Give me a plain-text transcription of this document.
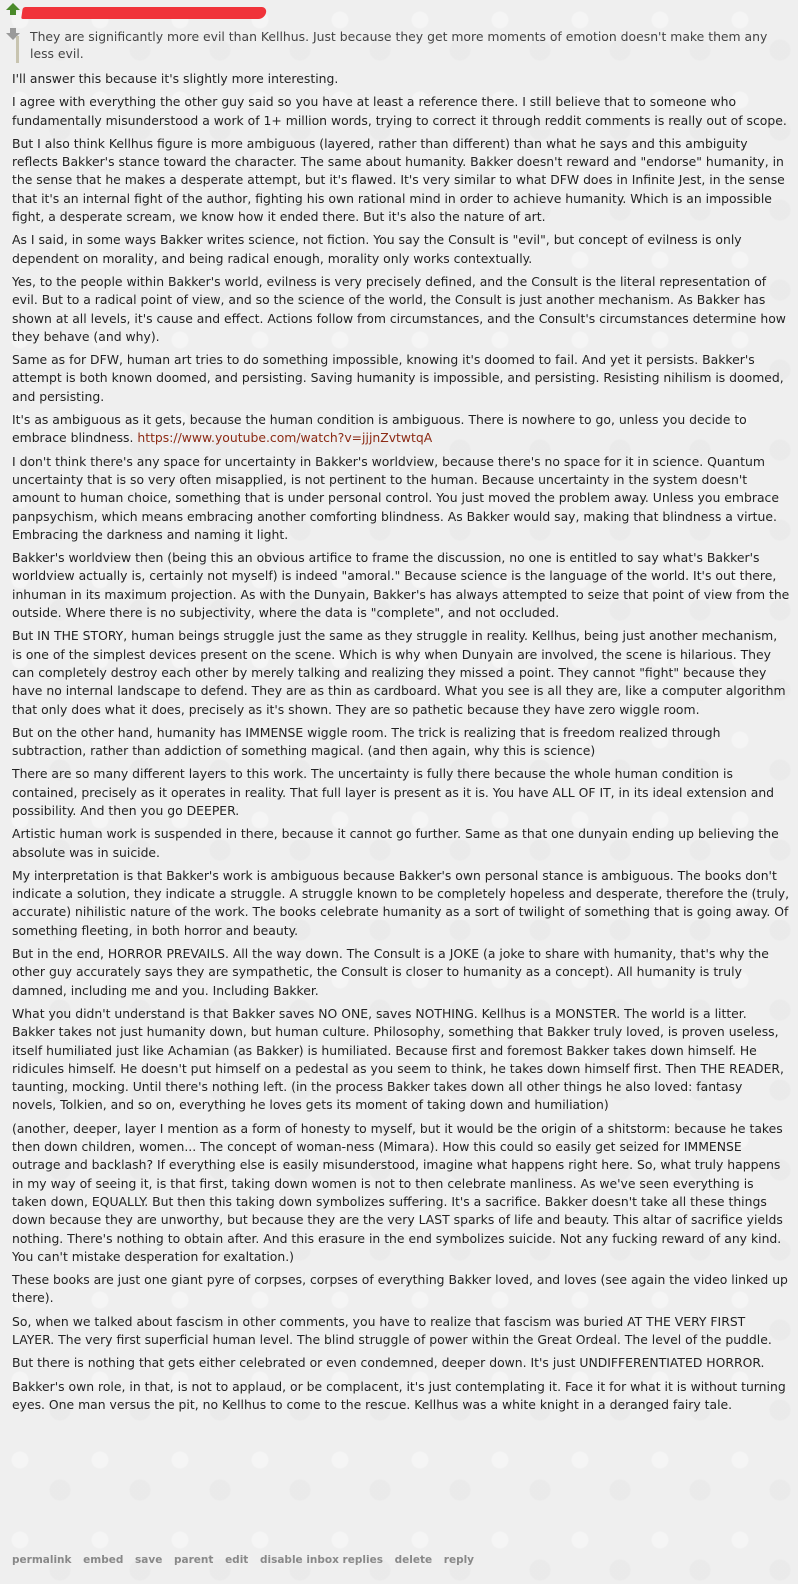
They are significantly more evil than Kellhus. Just because they get more moments of emotion doesn't make them any less evil.

I'll answer this because it's slightly more interesting.

I agree with everything the other guy said so you have at least a reference there. I still believe that to someone who fundamentally misunderstood a work of 1+ million words, trying to correct it through reddit comments is really out of scope.

But I also think Kellhus figure is more ambiguous (layered, rather than different) than what he says and this ambiguity reflects Bakker's stance toward the character. The same about humanity. Bakker doesn't reward and "endorse" humanity, in the sense that he makes a desperate attempt, but it's flawed. It's very similar to what DFW does in Infinite Jest, in the sense that it's an internal fight of the author, fighting his own rational mind in order to achieve humanity. Which is an impossible fight, a desperate scream, we know how it ended there. But it's also the nature of art.

As I said, in some ways Bakker writes science, not fiction. You say the Consult is "evil", but concept of evilness is only dependent on morality, and being radical enough, morality only works contextually.

Yes, to the people within Bakker's world, evilness is very precisely defined, and the Consult is the literal representation of evil. But to a radical point of view, and so the science of the world, the Consult is just another mechanism. As Bakker has shown at all levels, it's cause and effect. Actions follow from circumstances, and the Consult's circumstances determine how they behave (and why).

Same as for DFW, human art tries to do something impossible, knowing it's doomed to fail. And yet it persists. Bakker's attempt is both known doomed, and persisting. Saving humanity is impossible, and persisting. Resisting nihilism is doomed, and persisting.

It's as ambiguous as it gets, because the human condition is ambiguous. There is nowhere to go, unless you decide to embrace blindness. https://www.youtube.com/watch?v=jjjnZvtwtqA

I don't think there's any space for uncertainty in Bakker's worldview, because there's no space for it in science. Quantum uncertainty that is so very often misapplied, is not pertinent to the human. Because uncertainty in the system doesn't amount to human choice, something that is under personal control. You just moved the problem away. Unless you embrace panpsychism, which means embracing another comforting blindness. As Bakker would say, making that blindness a virtue. Embracing the darkness and naming it light.

Bakker's worldview then (being this an obvious artifice to frame the discussion, no one is entitled to say what's Bakker's worldview actually is, certainly not myself) is indeed "amoral." Because science is the language of the world. It's out there, inhuman in its maximum projection. As with the Dunyain, Bakker's has always attempted to seize that point of view from the outside. Where there is no subjectivity, where the data is "complete", and not occluded.

But IN THE STORY, human beings struggle just the same as they struggle in reality. Kellhus, being just another mechanism, is one of the simplest devices present on the scene. Which is why when Dunyain are involved, the scene is hilarious. They can completely destroy each other by merely talking and realizing they missed a point. They cannot "fight" because they have no internal landscape to defend. They are as thin as cardboard. What you see is all they are, like a computer algorithm that only does what it does, precisely as it's shown. They are so pathetic because they have zero wiggle room.

But on the other hand, humanity has IMMENSE wiggle room. The trick is realizing that is freedom realized through subtraction, rather than addiction of something magical. (and then again, why this is science)

There are so many different layers to this work. The uncertainty is fully there because the whole human condition is contained, precisely as it operates in reality. That full layer is present as it is. You have ALL OF IT, in its ideal extension and possibility. And then you go DEEPER.

Artistic human work is suspended in there, because it cannot go further. Same as that one dunyain ending up believing the absolute was in suicide.

My interpretation is that Bakker's work is ambiguous because Bakker's own personal stance is ambiguous. The books don't indicate a solution, they indicate a struggle. A struggle known to be completely hopeless and desperate, therefore the (truly, accurate) nihilistic nature of the work. The books celebrate humanity as a sort of twilight of something that is going away. Of something fleeting, in both horror and beauty.

But in the end, HORROR PREVAILS. All the way down. The Consult is a JOKE (a joke to share with humanity, that's why the other guy accurately says they are sympathetic, the Consult is closer to humanity as a concept). All humanity is truly damned, including me and you. Including Bakker.

What you didn't understand is that Bakker saves NO ONE, saves NOTHING. Kellhus is a MONSTER. The world is a litter. Bakker takes not just humanity down, but human culture. Philosophy, something that Bakker truly loved, is proven useless, itself humiliated just like Achamian (as Bakker) is humiliated. Because first and foremost Bakker takes down himself. He ridicules himself. He doesn't put himself on a pedestal as you seem to think, he takes down himself first. Then THE READER, taunting, mocking. Until there's nothing left. (in the process Bakker takes down all other things he also loved: fantasy novels, Tolkien, and so on, everything he loves gets its moment of taking down and humiliation)

(another, deeper, layer I mention as a form of honesty to myself, but it would be the origin of a shitstorm: because he takes then down children, women... The concept of woman-ness (Mimara). How this could so easily get seized for IMMENSE outrage and backlash? If everything else is easily misunderstood, imagine what happens right here. So, what truly happens in my way of seeing it, is that first, taking down women is not to then celebrate manliness. As we've seen everything is taken down, EQUALLY. But then this taking down symbolizes suffering. It's a sacrifice. Bakker doesn't take all these things down because they are unworthy, but because they are the very LAST sparks of life and beauty. This altar of sacrifice yields nothing. There's nothing to obtain after. And this erasure in the end symbolizes suicide. Not any fucking reward of any kind. You can't mistake desperation for exaltation.)

These books are just one giant pyre of corpses, corpses of everything Bakker loved, and loves (see again the video linked up there).

So, when we talked about fascism in other comments, you have to realize that fascism was buried AT THE VERY FIRST LAYER. The very first superficial human level. The blind struggle of power within the Great Ordeal. The level of the puddle.

But there is nothing that gets either celebrated or even condemned, deeper down. It's just UNDIFFERENTIATED HORROR.

Bakker's own role, in that, is not to applaud, or be complacent, it's just contemplating it. Face it for what it is without turning eyes. One man versus the pit, no Kellhus to come to the rescue. Kellhus was a white knight in a deranged fairy tale.

permalink embed save parent edit disable inbox replies delete reply
